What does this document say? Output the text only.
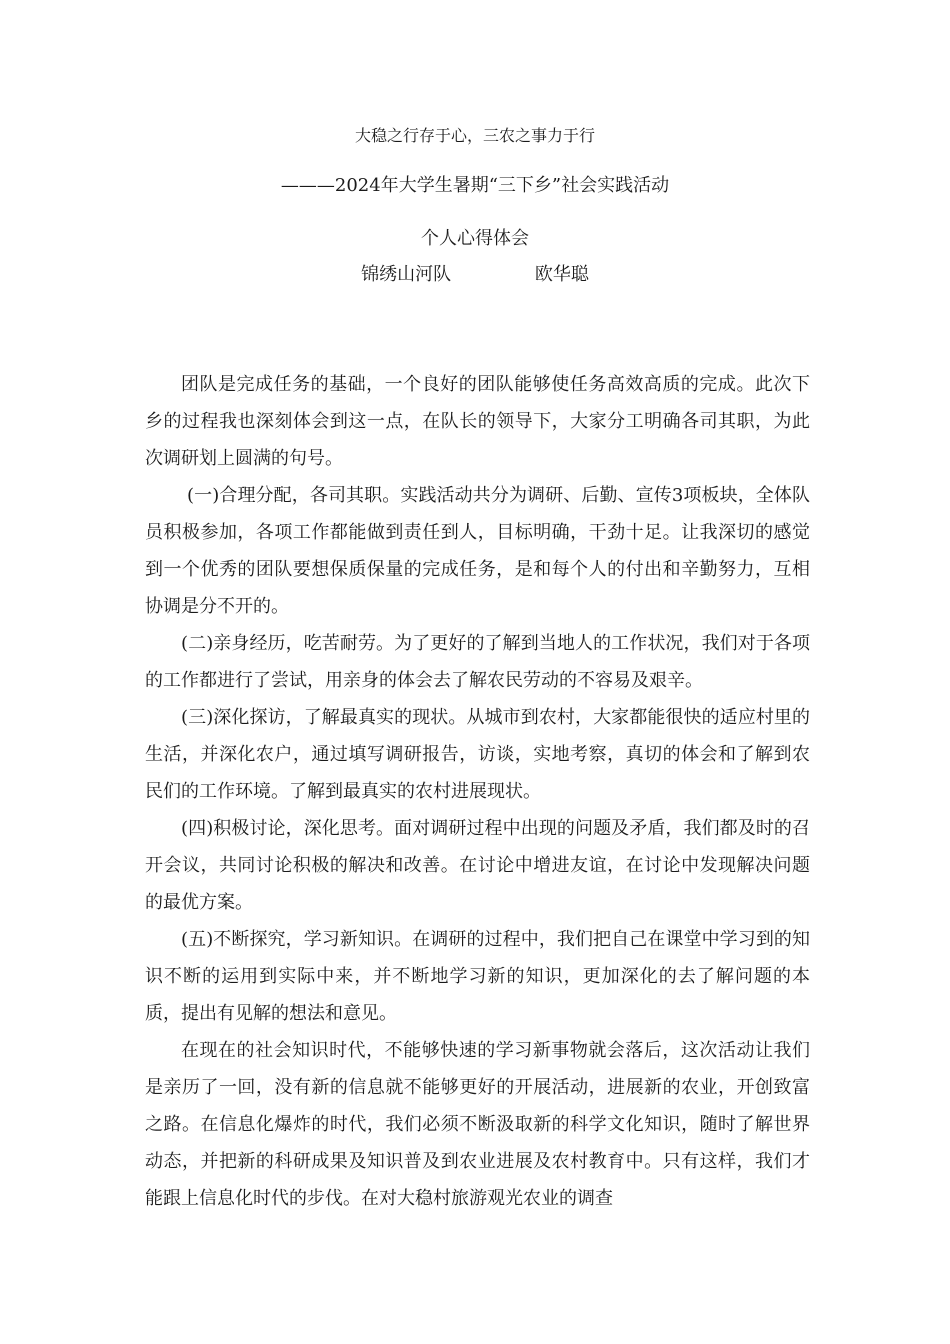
大稳之行存于心，三农之事力于行
———2024年大学生暑期“三下乡”社会实践活动
个人心得体会
锦绣山河队	欧华聪

团队是完成任务的基础，一个良好的团队能够使任务高效高质的完成。此次下乡的过程我也深刻体会到这一点，在队长的领导下，大家分工明确各司其职，为此次调研划上圆满的句号。

(一)合理分配，各司其职。实践活动共分为调研、后勤、宣传3项板块，全体队员积极参加，各项工作都能做到责任到人，目标明确，干劲十足。让我深切的感觉到一个优秀的团队要想保质保量的完成任务，是和每个人的付出和辛勤努力，互相协调是分不开的。

(二)亲身经历，吃苦耐劳。为了更好的了解到当地人的工作状况，我们对于各项的工作都进行了尝试，用亲身的体会去了解农民劳动的不容易及艰辛。

(三)深化探访，了解最真实的现状。从城市到农村，大家都能很快的适应村里的生活，并深化农户，通过填写调研报告，访谈，实地考察，真切的体会和了解到农民们的工作环境。了解到最真实的农村进展现状。

(四)积极讨论，深化思考。面对调研过程中出现的问题及矛盾，我们都及时的召开会议，共同讨论积极的解决和改善。在讨论中增进友谊，在讨论中发现解决问题的最优方案。

(五)不断探究，学习新知识。在调研的过程中，我们把自己在课堂中学习到的知识不断的运用到实际中来，并不断地学习新的知识，更加深化的去了解问题的本质，提出有见解的想法和意见。

在现在的社会知识时代，不能够快速的学习新事物就会落后，这次活动让我们是亲历了一回，没有新的信息就不能够更好的开展活动，进展新的农业，开创致富之路。在信息化爆炸的时代，我们必须不断汲取新的科学文化知识，随时了解世界动态，并把新的科研成果及知识普及到农业进展及农村教育中。只有这样，我们才能跟上信息化时代的步伐。在对大稳村旅游观光农业的调查
